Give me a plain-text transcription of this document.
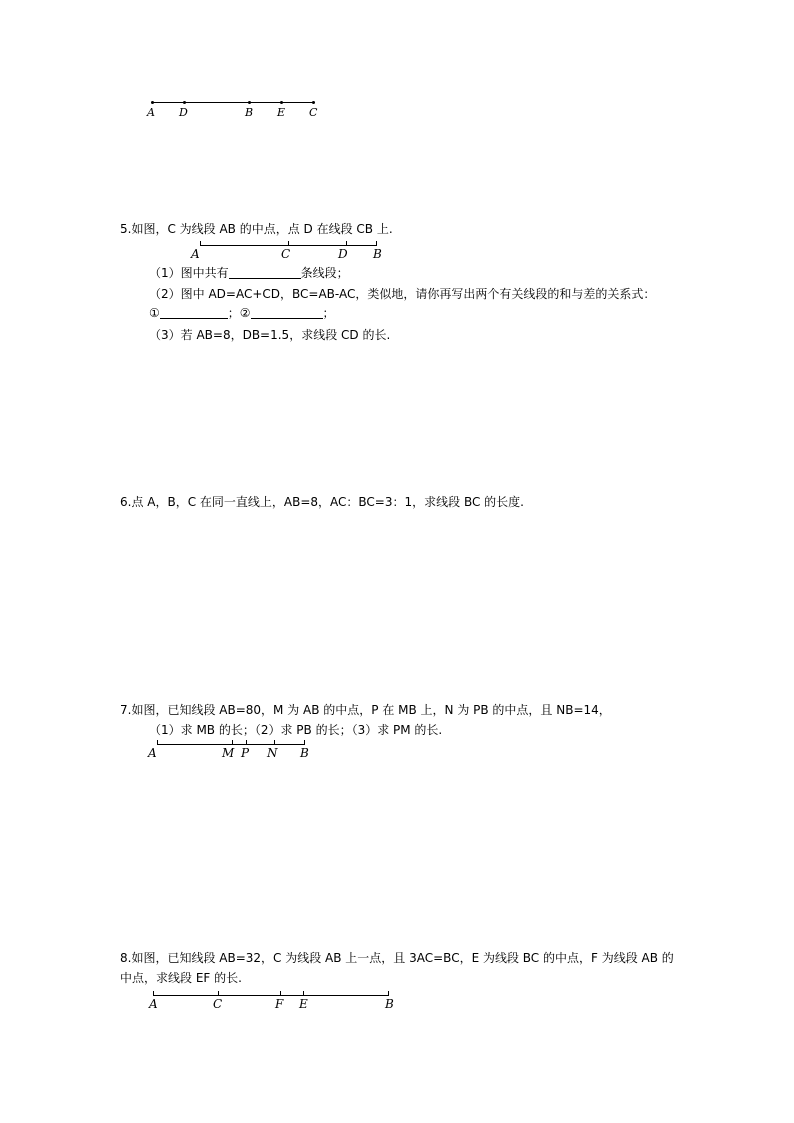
A D	B E C
5.如图，C 为线段 AB 的中点，点 D 在线段 CB 上.
A	C	D B
（1）图中共有	条线段；
（2）图中 AD=AC+CD，BC=AB-AC，类似地，请你再写出两个有关线段的和与差的关系式：
①	；②	；
（3）若 AB=8，DB=1.5，求线段 CD 的长.
6.点 A，B，C 在同一直线上，AB=8，AC：BC=3：1，求线段 BC 的长度.
7.如图，已知线段 AB=80，M 为 AB 的中点，P 在 MB 上，N 为 PB 的中点，且 NB=14，
（1）求 MB 的长；（2）求 PB 的长；（3）求 PM 的长.
A	M P N B
8.如图，已知线段 AB=32，C 为线段 AB 上一点，且 3AC=BC，E 为线段 BC 的中点，F 为线段 AB 的
中点，求线段 EF 的长.
A	C	F E	B
